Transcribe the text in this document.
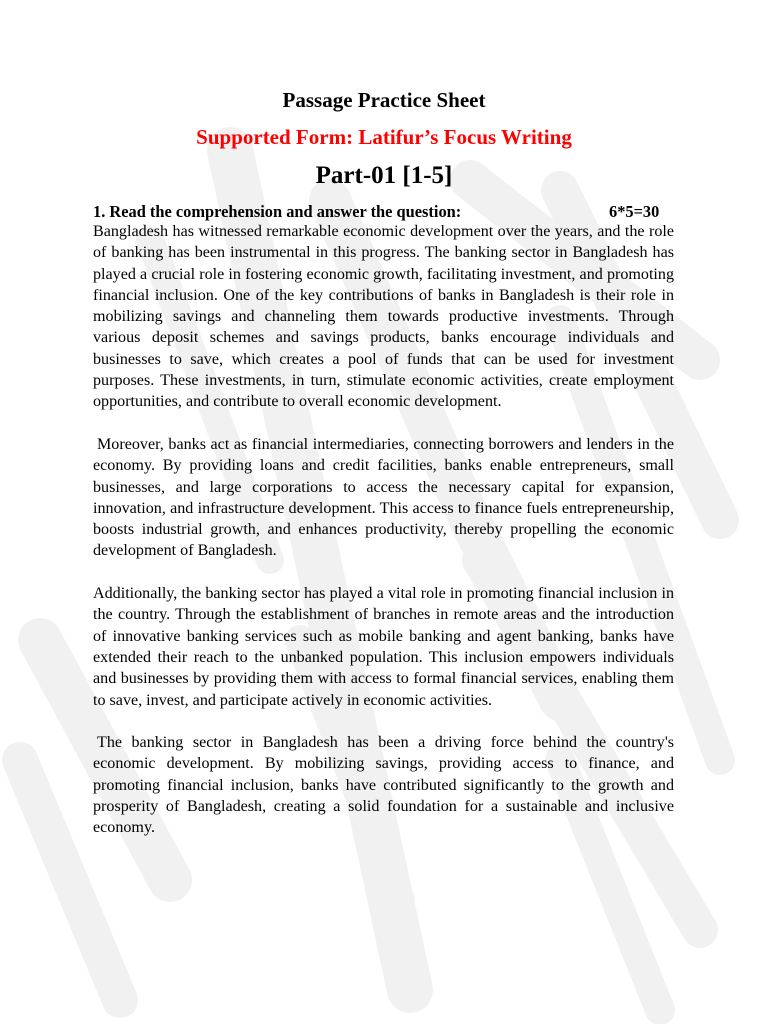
Passage Practice Sheet
Supported Form: Latifur’s Focus Writing
Part-01 [1-5]
1. Read the comprehension and answer the question:	6*5=30

Bangladesh has witnessed remarkable economic development over the years, and the role of banking has been instrumental in this progress. The banking sector in Bangladesh has played a crucial role in fostering economic growth, facilitating investment, and promoting financial inclusion. One of the key contributions of banks in Bangladesh is their role in mobilizing savings and channeling them towards productive investments. Through various deposit schemes and savings products, banks encourage individuals and businesses to save, which creates a pool of funds that can be used for investment purposes. These investments, in turn, stimulate economic activities, create employment opportunities, and contribute to overall economic development.

Moreover, banks act as financial intermediaries, connecting borrowers and lenders in the economy. By providing loans and credit facilities, banks enable entrepreneurs, small businesses, and large corporations to access the necessary capital for expansion, innovation, and infrastructure development. This access to finance fuels entrepreneurship, boosts industrial growth, and enhances productivity, thereby propelling the economic development of Bangladesh.

Additionally, the banking sector has played a vital role in promoting financial inclusion in the country. Through the establishment of branches in remote areas and the introduction of innovative banking services such as mobile banking and agent banking, banks have extended their reach to the unbanked population. This inclusion empowers individuals and businesses by providing them with access to formal financial services, enabling them to save, invest, and participate actively in economic activities.

The banking sector in Bangladesh has been a driving force behind the country's economic development. By mobilizing savings, providing access to finance, and promoting financial inclusion, banks have contributed significantly to the growth and prosperity of Bangladesh, creating a solid foundation for a sustainable and inclusive economy.
